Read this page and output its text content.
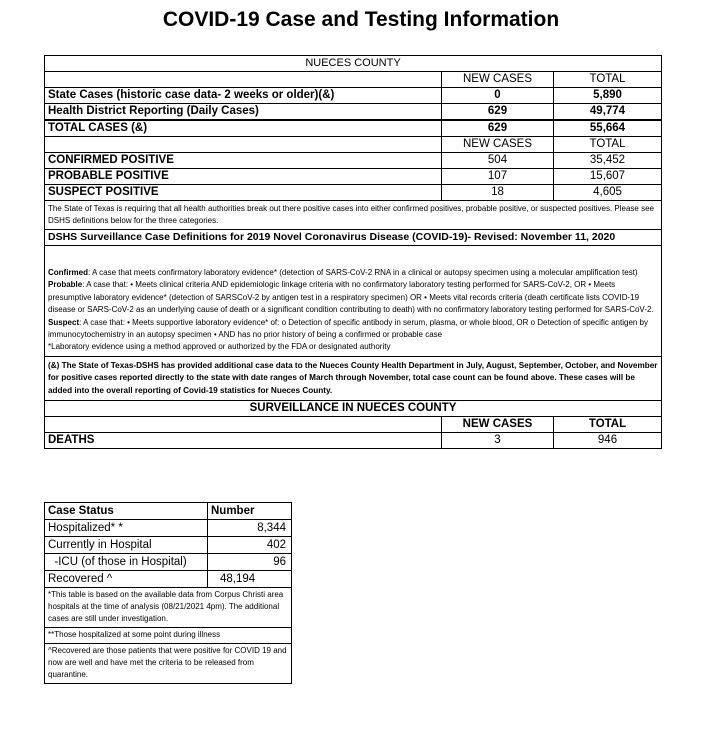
COVID-19 Case and Testing Information
NUECES COUNTY		
	NEW CASES	TOTAL
State Cases (historic case data- 2 weeks or older)(&)	0	5,890
Health District Reporting (Daily Cases)	629	49,774
TOTAL CASES (&)	629	55,664
	NEW CASES	TOTAL
CONFIRMED POSITIVE	504	35,452
PROBABLE POSITIVE	107	15,607
SUSPECT POSITIVE	18	4,605
The State of Texas is requiring that all health authorities break out there positive cases into either confirmed positives, probable positive, or suspected positives. Please see DSHS definitions below for the three categories.		
DSHS Surveillance Case Definitions for 2019 Novel Coronavirus Disease (COVID-19)- Revised: November 11, 2020		

Confirmed: A case that meets confirmatory laboratory evidence* (detection of SARS-CoV-2 RNA in a clinical or autopsy specimen using a molecular amplification test)
Probable: A case that: • Meets clinical criteria AND epidemiologic linkage criteria with no confirmatory laboratory testing performed for SARS-CoV-2, OR • Meets presumptive laboratory evidence* (detection of SARSCoV-2 by antigen test in a respiratory specimen) OR • Meets vital records criteria (death certificate lists COVID-19 disease or SARS-CoV-2 as an underlying cause of death or a significant condition contributing to death) with no confirmatory laboratory testing performed for SARS-CoV-2.
Suspect: A case that: • Meets supportive laboratory evidence* of: o Detection of specific antibody in serum, plasma, or whole blood, OR o Detection of specific antigen by immunocytochemistry in an autopsy specimen • AND has no prior history of being a confirmed or probable case
*Laboratory evidence using a method approved or authorized by the FDA or designated authority		

(&) The State of Texas-DSHS has provided additional case data to the Nueces County Health Department in July, August, September, October, and November for positive cases reported directly to the state with date ranges of March through November, total case count can be found above. These cases will be added into the overall reporting of Covid-19 statistics for Nueces County.		
SURVEILLANCE IN NUECES COUNTY		
	NEW CASES	TOTAL
DEATHS	3	946
Case Status	Number
Hospitalized* *	8,344
Currently in Hospital	402
-ICU (of those in Hospital)	96
Recovered ^	48,194
*This table is based on the available data from Corpus Christi area hospitals at the time of analysis (08/21/2021 4pm). The additional cases are still under investigation.	
**Those hospitalized at some point during illness	
^Recovered are those patients that were positive for COVID 19 and now are well and have met the criteria to be released from quarantine.	
